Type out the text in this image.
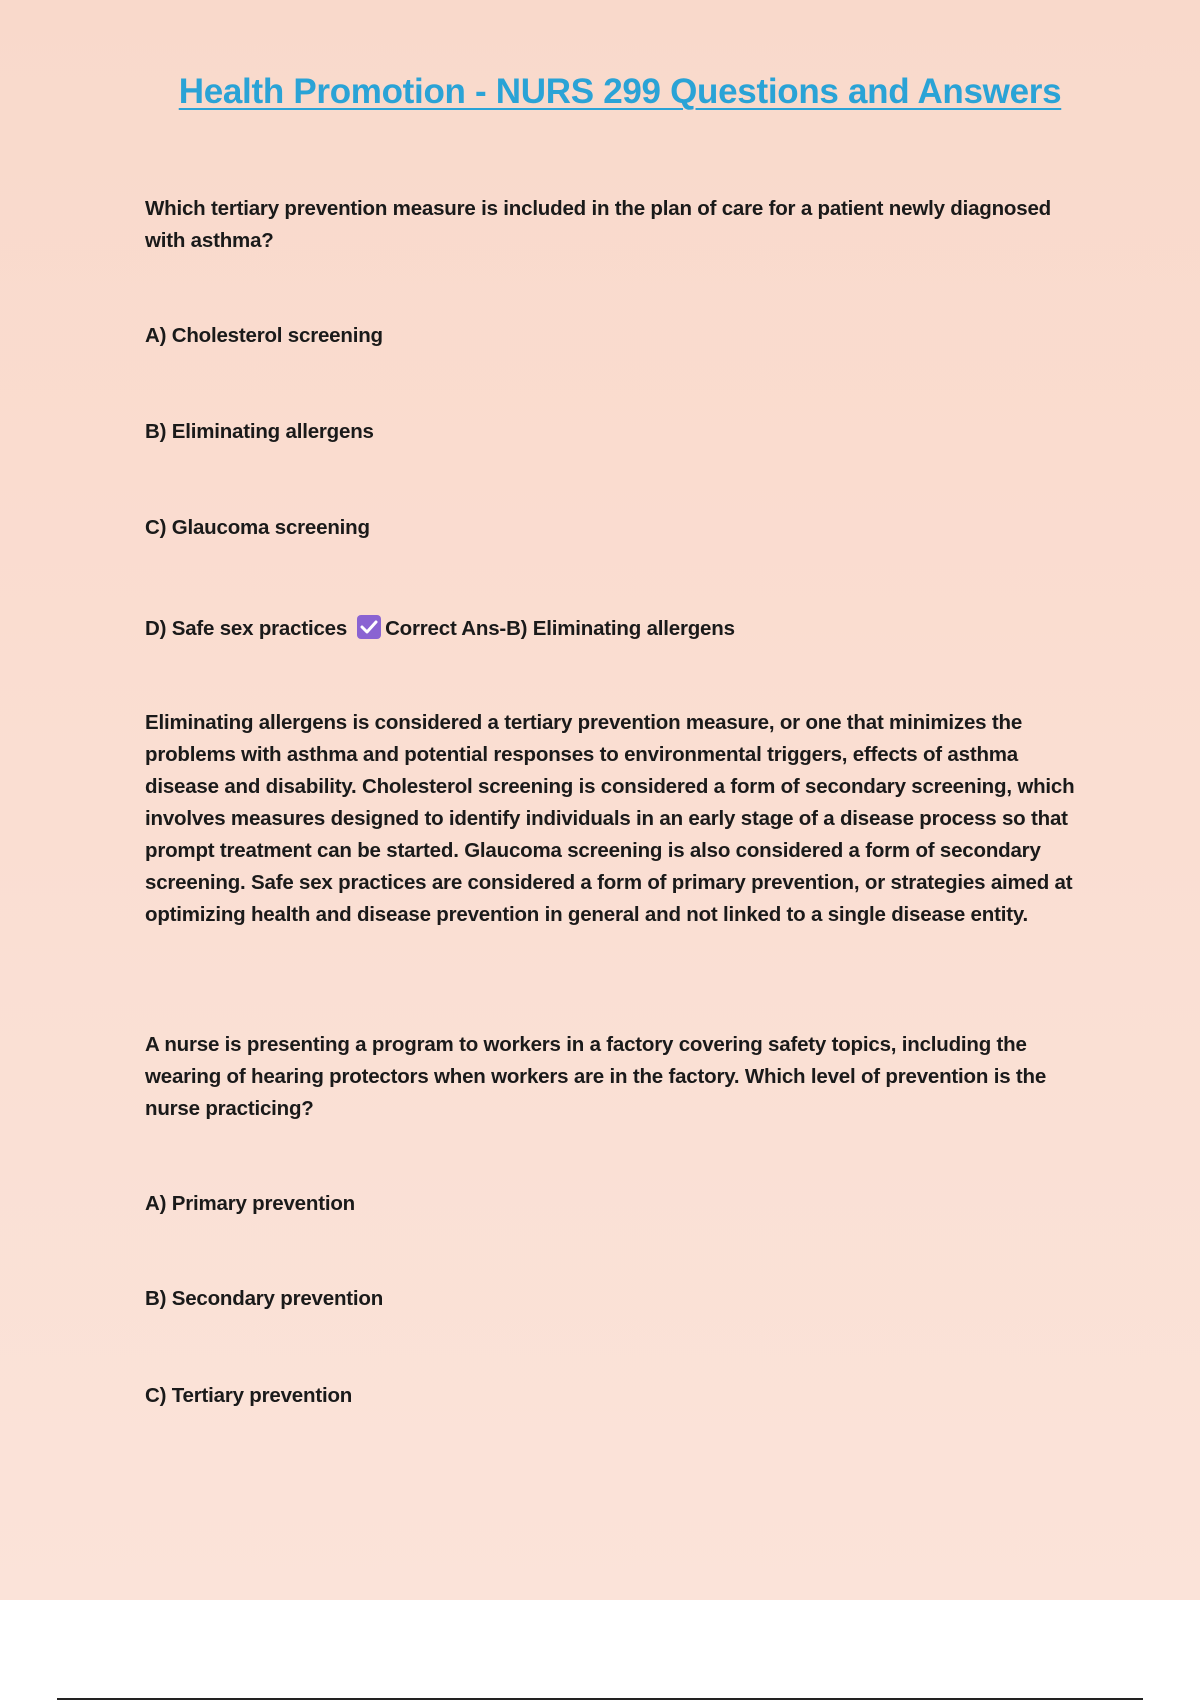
Health Promotion - NURS 299 Questions and Answers

Which tertiary prevention measure is included in the plan of care for a patient newly diagnosed with asthma?

A) Cholesterol screening

B) Eliminating allergens

C) Glaucoma screening

D) Safe sex practices Correct Ans-B) Eliminating allergens

Eliminating allergens is considered a tertiary prevention measure, or one that minimizes the problems with asthma and potential responses to environmental triggers, effects of asthma disease and disability. Cholesterol screening is considered a form of secondary screening, which involves measures designed to identify individuals in an early stage of a disease process so that prompt treatment can be started. Glaucoma screening is also considered a form of secondary screening. Safe sex practices are considered a form of primary prevention, or strategies aimed at optimizing health and disease prevention in general and not linked to a single disease entity.

A nurse is presenting a program to workers in a factory covering safety topics, including the wearing of hearing protectors when workers are in the factory. Which level of prevention is the nurse practicing?

A) Primary prevention

B) Secondary prevention

C) Tertiary prevention
